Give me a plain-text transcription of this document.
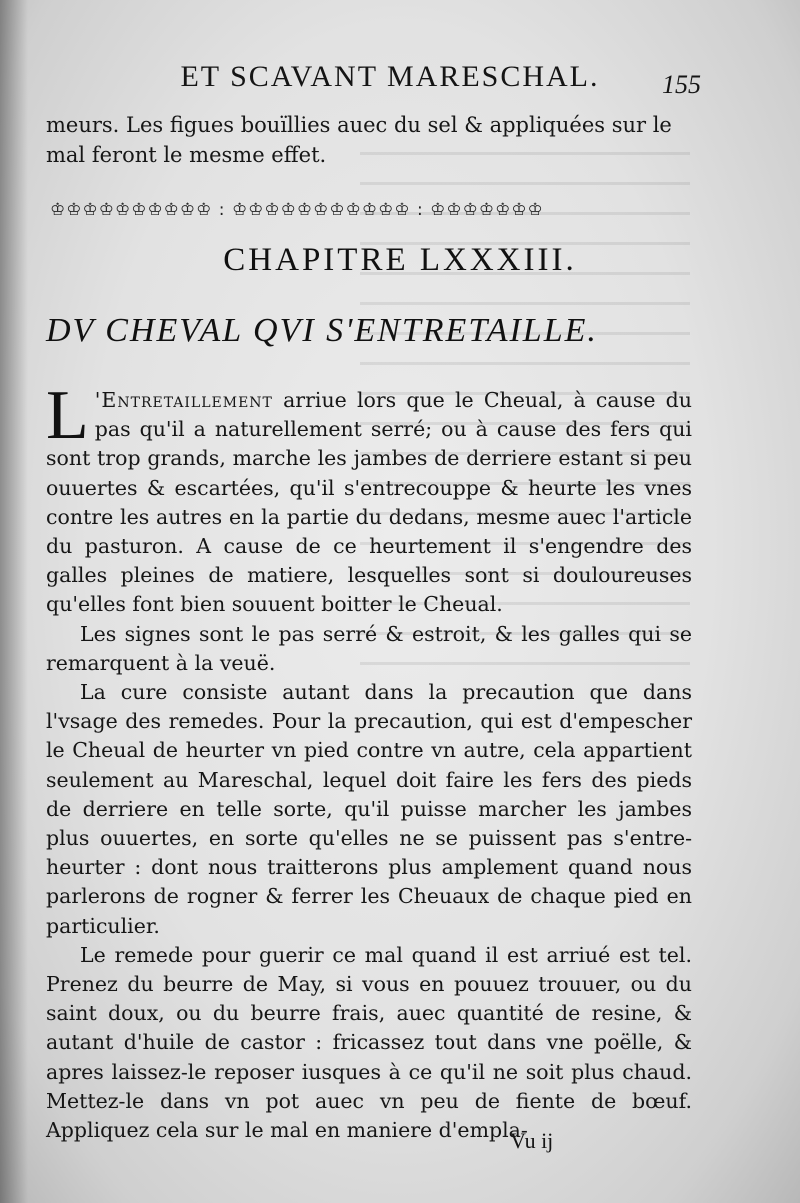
ET SCAVANT MARESCHAL.	155
meurs. Les figues bouïllies auec du sel & appliquées sur le mal feront le mesme effet.
♔♔♔♔♔♔♔♔♔♔ : ♔♔♔♔♔♔♔♔♔♔♔ : ♔♔♔♔♔♔♔
CHAPITRE LXXXIII.
DV CHEVAL QVI S'ENTRETAILLE.

L 'Entretaillement arriue lors que le Cheual, à cause du pas qu'il a naturellement serré; ou à cause des fers qui sont trop grands, marche les jambes de derriere estant si peu ouuertes & escartées, qu'il s'entrecouppe & heurte les vnes contre les autres en la partie du dedans, mesme auec l'article du pasturon. A cause de ce heurtement il s'engendre des galles pleines de matiere, lesquelles sont si douloureuses qu'elles font bien souuent boitter le Cheual.

Les signes sont le pas serré & estroit, & les galles qui se remarquent à la veuë.

La cure consiste autant dans la precaution que dans l'vsage des remedes. Pour la precaution, qui est d'empescher le Cheual de heurter vn pied contre vn autre, cela appartient seulement au Mareschal, lequel doit faire les fers des pieds de derriere en telle sorte, qu'il puisse marcher les jambes plus ouuertes, en sorte qu'elles ne se puissent pas s'entre-heurter : dont nous traitterons plus amplement quand nous parlerons de rogner & ferrer les Cheuaux de chaque pied en particulier.

Le remede pour guerir ce mal quand il est arriué est tel. Prenez du beurre de May, si vous en pouuez trouuer, ou du saint doux, ou du beurre frais, auec quantité de resine, & autant d'huile de castor : fricassez tout dans vne poëlle, & apres laissez-le reposer iusques à ce qu'il ne soit plus chaud. Mettez-le dans vn pot auec vn peu de fiente de bœuf. Appliquez cela sur le mal en maniere d'empla-

Vu ij
